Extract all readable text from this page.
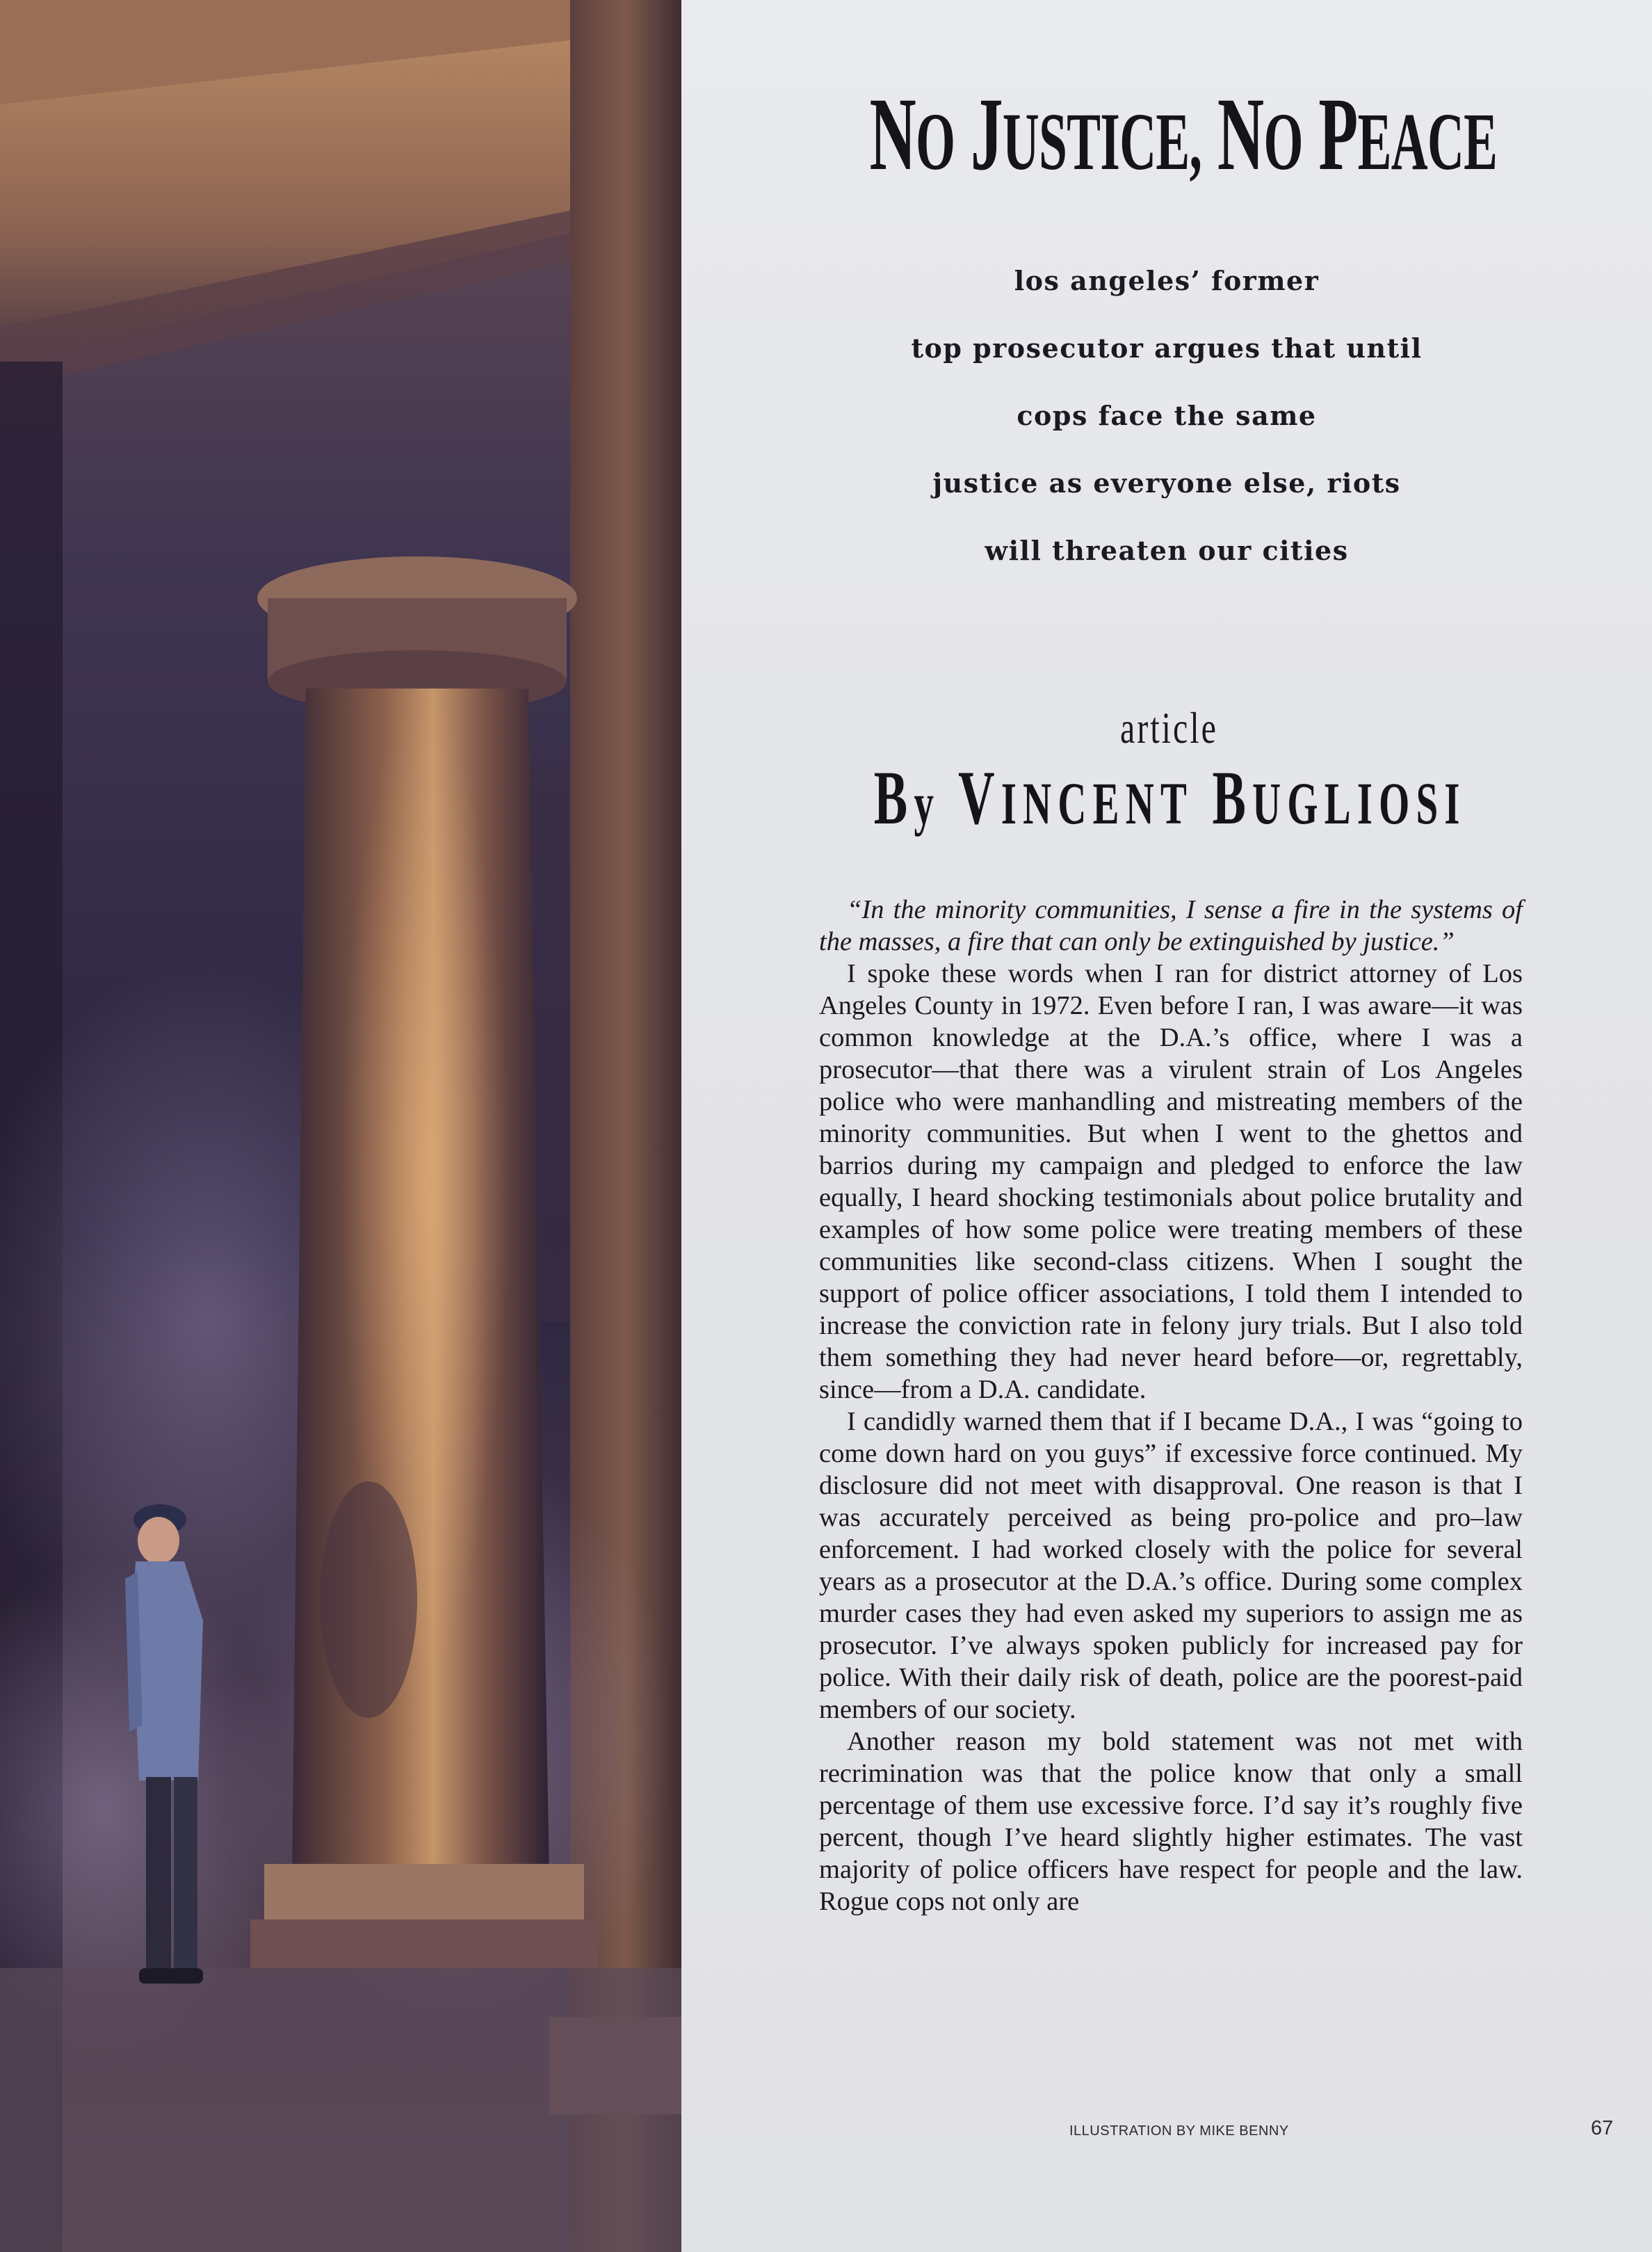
NO JUSTICE, NO PEACE
los angeles’ former
top prosecutor argues that until
cops face the same
justice as everyone else, riots
will threaten our cities
article
By VINCENT BUGLIOSI

“In the minority communities, I sense a fire in the systems of the masses, a fire that can only be extinguished by justice.”

I spoke these words when I ran for district attorney of Los Angeles County in 1972. Even before I ran, I was aware—it was common knowledge at the D.A.’s office, where I was a prosecutor—that there was a virulent strain of Los Angeles police who were manhandling and mistreating members of the minority communities. But when I went to the ghettos and barrios during my campaign and pledged to enforce the law equally, I heard shocking testimonials about police brutality and examples of how some police were treating members of these communities like second-class citizens. When I sought the support of police officer associations, I told them I intended to increase the conviction rate in felony jury trials. But I also told them something they had never heard before—or, regrettably, since—from a D.A. candidate.

I candidly warned them that if I became D.A., I was “going to come down hard on you guys” if excessive force continued. My disclosure did not meet with disapproval. One reason is that I was accurately perceived as being pro-police and pro–law enforcement. I had worked closely with the police for several years as a prosecutor at the D.A.’s office. During some complex murder cases they had even asked my superiors to assign me as prosecutor. I’ve always spoken publicly for increased pay for police. With their daily risk of death, police are the poorest-paid members of our society.

Another reason my bold statement was not met with recrimination was that the police know that only a small percentage of them use excessive force. I’d say it’s roughly five percent, though I’ve heard slightly higher estimates. The vast majority of police officers have respect for people and the law. Rogue cops not only are

ILLUSTRATION BY MIKE BENNY	67
